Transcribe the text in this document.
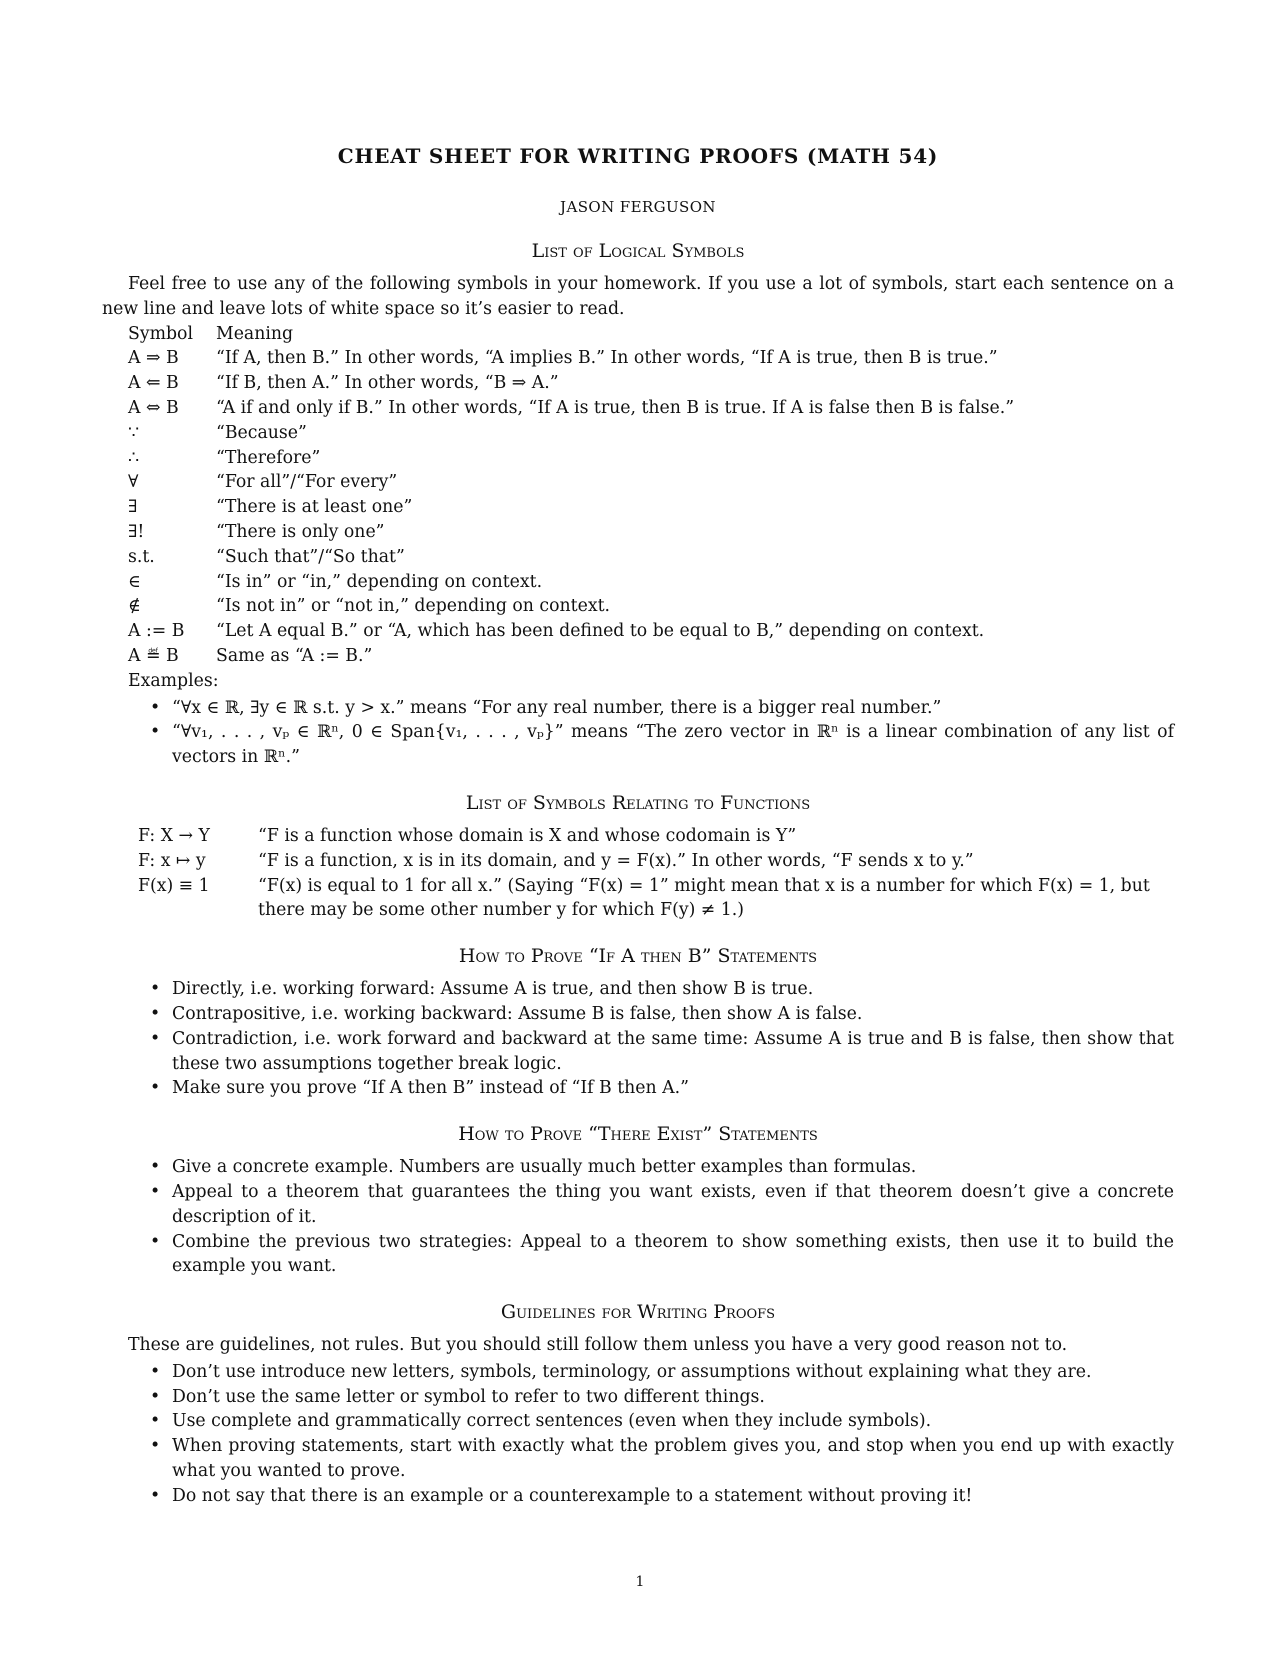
CHEAT SHEET FOR WRITING PROOFS (MATH 54)
JASON FERGUSON
List of Logical Symbols

Feel free to use any of the following symbols in your homework. If you use a lot of symbols, start each sentence on a new line and leave lots of white space so it’s easier to read.

Symbol	Meaning
A ⇒ B	“If A, then B.” In other words, “A implies B.” In other words, “If A is true, then B is true.”
A ⇐ B	“If B, then A.” In other words, “B ⇒ A.”
A ⇔ B	“A if and only if B.” In other words, “If A is true, then B is true. If A is false then B is false.”
∵	“Because”
∴	“Therefore”
∀	“For all”/“For every”
∃	“There is at least one”
∃!	“There is only one”
s.t.	“Such that”/“So that”
∈	“Is in” or “in,” depending on context.
∉	“Is not in” or “not in,” depending on context.
A := B	“Let A equal B.” or “A, which has been defined to be equal to B,” depending on context.
A ≝ B	Same as “A := B.”

Examples:

• “∀x ∈ ℝ, ∃y ∈ ℝ s.t. y > x.” means “For any real number, there is a bigger real number.”
• “∀v₁, . . . , vₚ ∈ ℝⁿ, 0 ∈ Span{v₁, . . . , vₚ}” means “The zero vector in ℝⁿ is a linear combination of any list of vectors in ℝⁿ.”
List of Symbols Relating to Functions
F: X → Y	“F is a function whose domain is X and whose codomain is Y”
F: x ↦ y	“F is a function, x is in its domain, and y = F(x).” In other words, “F sends x to y.”
F(x) ≡ 1	“F(x) is equal to 1 for all x.” (Saying “F(x) = 1” might mean that x is a number for which F(x) = 1, but there may be some other number y for which F(y) ≠ 1.)
How to Prove “If A then B” Statements
• Directly, i.e. working forward: Assume A is true, and then show B is true.
• Contrapositive, i.e. working backward: Assume B is false, then show A is false.
• Contradiction, i.e. work forward and backward at the same time: Assume A is true and B is false, then show that these two assumptions together break logic.
• Make sure you prove “If A then B” instead of “If B then A.”
How to Prove “There Exist” Statements
• Give a concrete example. Numbers are usually much better examples than formulas.
• Appeal to a theorem that guarantees the thing you want exists, even if that theorem doesn’t give a concrete description of it.
• Combine the previous two strategies: Appeal to a theorem to show something exists, then use it to build the example you want.
Guidelines for Writing Proofs

These are guidelines, not rules. But you should still follow them unless you have a very good reason not to.

• Don’t use introduce new letters, symbols, terminology, or assumptions without explaining what they are.
• Don’t use the same letter or symbol to refer to two different things.
• Use complete and grammatically correct sentences (even when they include symbols).
• When proving statements, start with exactly what the problem gives you, and stop when you end up with exactly what you wanted to prove.
• Do not say that there is an example or a counterexample to a statement without proving it!
1
